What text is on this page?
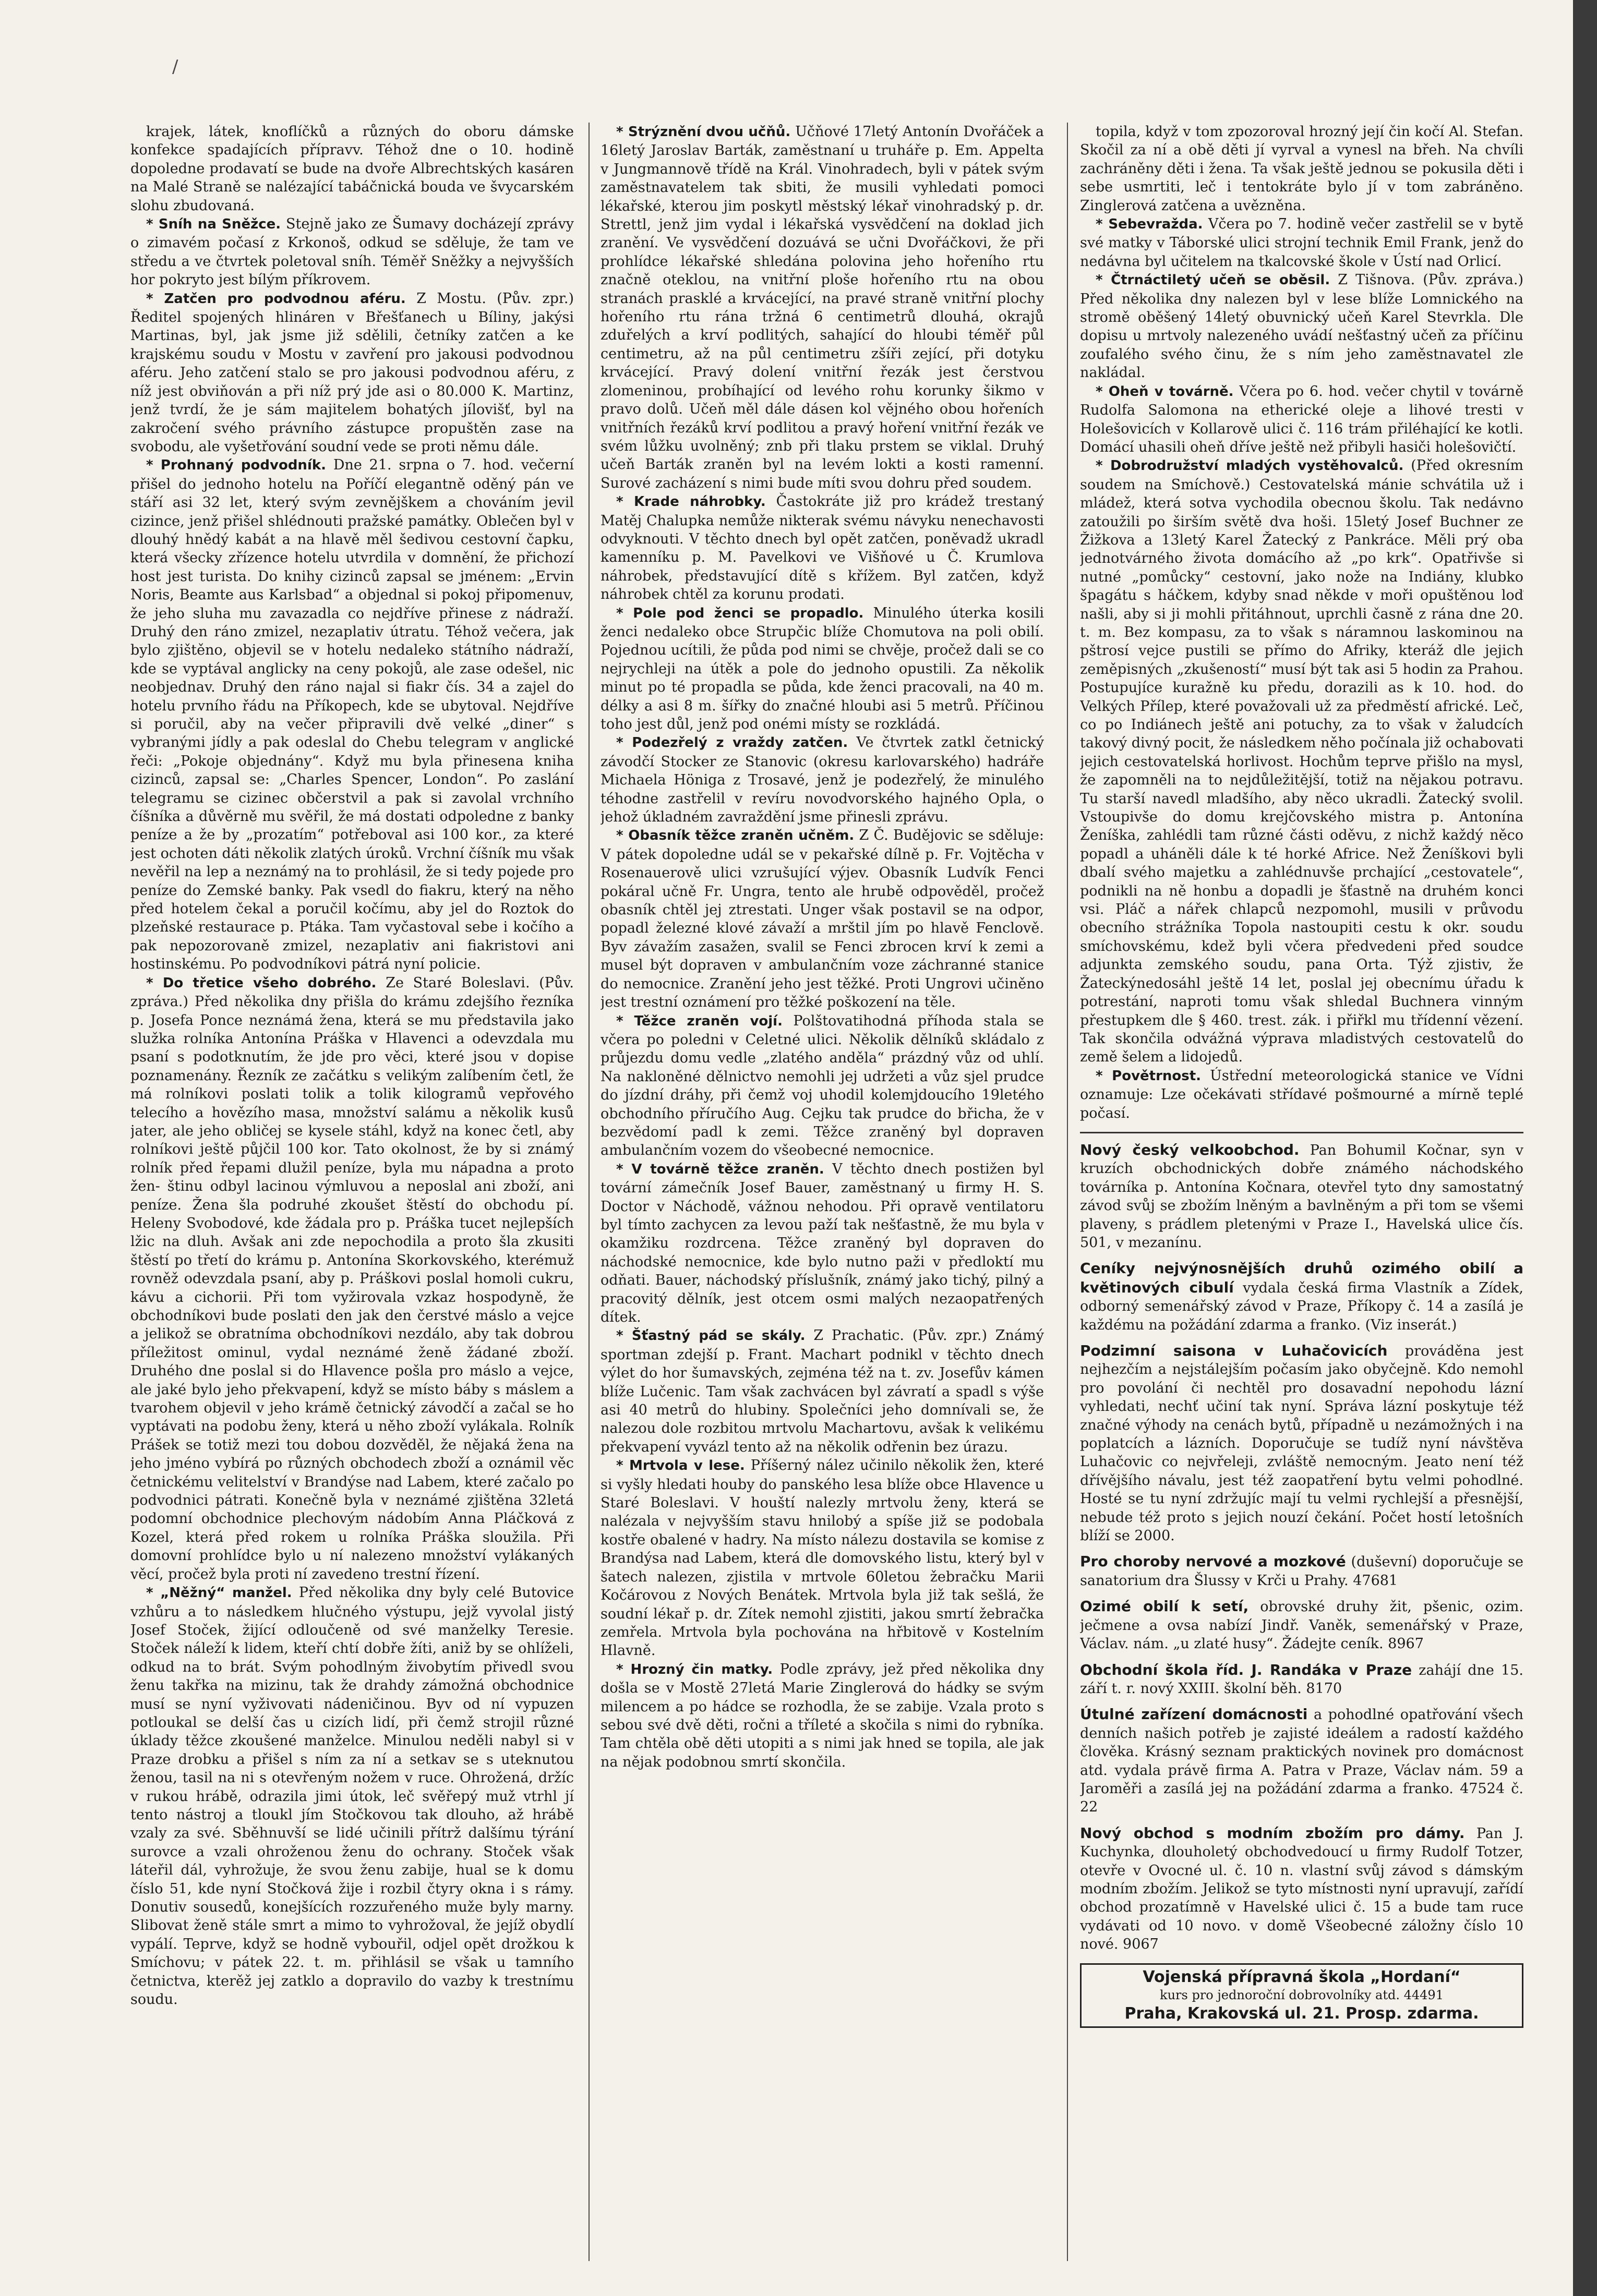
/

krajek, látek, knoflíčků a různých do oboru dámske konfekce spadajících přípravv. Téhož dne o 10. hodině dopoledne prodavatí se bude na dvoře Albrechtských kasáren na Malé Straně se nalézající tabáčnická bouda ve švycarském slohu zbudovaná.

* Sníh na Sněžce. Stejně jako ze Šumavy docházejí zprávy o zimavém počasí z Krkonoš, odkud se sděluje, že tam ve středu a ve čtvrtek poletoval sníh. Téměř Sněžky a nejvyšších hor pokryto jest bílým příkrovem.

* Zatčen pro podvodnou aféru. Z Mostu. (Pův. zpr.) Ředitel spojených hlináren v Břešťanech u Bíliny, jakýsi Martinas, byl, jak jsme již sdělili, četníky zatčen a ke krajskému soudu v Mostu v zavření pro jakousi podvodnou aféru. Jeho zatčení stalo se pro jakousi podvodnou aféru, z níž jest obviňován a při níž prý jde asi o 80.000 K. Martinz, jenž tvrdí, že je sám majitelem bohatých jílovišť, byl na zakročení svého právního zástupce propuštěn zase na svobodu, ale vyšetřování soudní vede se proti němu dále.

* Prohnaný podvodník. Dne 21. srpna o 7. hod. večerní přišel do jednoho hotelu na Poříčí elegantně oděný pán ve stáří asi 32 let, který svým zevnějškem a chováním jevil cizince, jenž přišel shlédnouti pražské památky. Oblečen byl v dlouhý hnědý kabát a na hlavě měl šedivou cestovní čapku, která všecky zřízence hotelu utvrdila v domnění, že přichozí host jest turista. Do knihy cizinců zapsal se jménem: „Ervin Noris, Beamte aus Karlsbad“ a objednal si pokoj připomenuv, že jeho sluha mu zavazadla co nejdříve přinese z nádraží. Druhý den ráno zmizel, nezaplativ útratu. Téhož večera, jak bylo zjištěno, objevil se v hotelu nedaleko státního nádraží, kde se vyptával anglicky na ceny pokojů, ale zase odešel, nic neobjednav. Druhý den ráno najal si fiakr čís. 34 a zajel do hotelu prvního řádu na Příkopech, kde se ubytoval. Nejdříve si poručil, aby na večer připravili dvě velké „diner“ s vybranými jídly a pak odeslal do Chebu telegram v anglické řeči: „Pokoje objednány“. Když mu byla přinesena kniha cizinců, zapsal se: „Charles Spencer, London“. Po zaslání telegramu se cizinec občerstvil a pak si zavolal vrchního číšníka a důvěrně mu svěřil, že má dostati odpoledne z banky peníze a že by „prozatím“ potřeboval asi 100 kor., za které jest ochoten dáti několik zlatých úroků. Vrchní číšník mu však nevěřil na lep a neznámý na to prohlásil, že si tedy pojede pro peníze do Zemské banky. Pak vsedl do fiakru, který na něho před hotelem čekal a poručil kočímu, aby jel do Roztok do plzeňské restaurace p. Ptáka. Tam vyčastoval sebe i kočího a pak nepozorovaně zmizel, nezaplativ ani fiakristovi ani hostinskému. Po podvodníkovi pátrá nyní policie.

* Do třetice všeho dobrého. Ze Staré Boleslavi. (Pův. zpráva.) Před několika dny přišla do krámu zdejšího řezníka p. Josefa Ponce neznámá žena, která se mu představila jako služka rolníka Antonína Práška v Hlavenci a odevzdala mu psaní s podotknutím, že jde pro věci, které jsou v dopise poznamenány. Řezník ze začátku s velikým zalíbením četl, že má rolníkovi poslati tolik a tolik kilogramů vepřového telecího a hovězího masa, množství salámu a několik kusů jater, ale jeho obličej se kysele stáhl, když na konec četl, aby rolníkovi ještě půjčil 100 kor. Tato okolnost, že by si známý rolník před řepami dlužil peníze, byla mu nápadna a proto žen- štinu odbyl lacinou výmluvou a neposlal ani zboží, ani peníze. Žena šla podruhé zkoušet štěstí do obchodu pí. Heleny Svobodové, kde žádala pro p. Práška tucet nejlepších lžic na dluh. Avšak ani zde nepochodila a proto šla zkusiti štěstí po třetí do krámu p. Antonína Skorkovského, kterémuž rovněž odevzdala psaní, aby p. Práškovi poslal homoli cukru, kávu a cichorii. Při tom vyžirovala vzkaz hospodyně, že obchodníkovi bude poslati den jak den čerstvé máslo a vejce a jelikož se obratníma obchodníkovi nezdálo, aby tak dobrou příležitost ominul, vydal neznámé ženě žádané zboží. Druhého dne poslal si do Hlavence pošla pro máslo a vejce, ale jaké bylo jeho překvapení, když se místo báby s máslem a tvarohem objevil v jeho krámě četnický závodčí a začal se ho vyptávati na podobu ženy, která u něho zboží vylákala. Rolník Prášek se totiž mezi tou dobou dozvěděl, že nějaká žena na jeho jméno vybírá po různých obchodech zboží a oznámil věc četnickému velitelství v Brandýse nad Labem, které začalo po podvodnici pátrati. Konečně byla v neznámé zjištěna 32letá podomní obchodnice plechovým nádobím Anna Pláčková z Kozel, která před rokem u rolníka Práška sloužila. Při domovní prohlídce bylo u ní nalezeno množství vylákaných věcí, pročež byla proti ní zavedeno trestní řízení.

* „Něžný“ manžel. Před několika dny byly celé Butovice vzhůru a to následkem hlučného výstupu, jejž vyvolal jistý Josef Stoček, žijící odloučeně od své manželky Teresie. Stoček náleží k lidem, kteří chtí dobře žíti, aniž by se ohlíželi, odkud na to brát. Svým pohodlným živobytím přivedl svou ženu takřka na mizinu, tak že drahdy zámožná obchodnice musí se nyní vyživovati nádeničinou. Byv od ní vypuzen potloukal se delší čas u cizích lidí, při čemž strojil různé úklady těžce zkoušené manželce. Minulou neděli nabyl si v Praze drobku a přišel s ním za ní a setkav se s uteknutou ženou, tasil na ni s otevřeným nožem v ruce. Ohrožená, držíc v rukou hrábě, odrazila jimi útok, leč svěřepý muž vtrhl jí tento nástroj a tloukl jím Stočkovou tak dlouho, až hrábě vzaly za své. Sběhnuvší se lidé učinili přítrž dalšímu týrání surovce a vzali ohroženou ženu do ochrany. Stoček však láteřil dál, vyhrožuje, že svou ženu zabije, hual se k domu číslo 51, kde nyní Stočková žije i rozbil čtyry okna i s rámy. Donutiv sousedů, konejšících rozzuřeného muže byly marny. Slibovat ženě stále smrt a mimo to vyhrožoval, že jejíž obydlí vypálí. Teprve, když se hodně vybouřil, odjel opět drožkou k Smíchovu; v pátek 22. t. m. přihlásil se však u tamního četnictva, kterěž jej zatklo a dopravilo do vazby k trestnímu soudu.

* Strýznění dvou učňů. Učňové 17letý Antonín Dvořáček a 16letý Jaroslav Barták, zaměstnaní u truháře p. Em. Appelta v Jungmannově třídě na Král. Vinohradech, byli v pátek svým zaměstnavatelem tak sbiti, že musili vyhledati pomoci lékařské, kterou jim poskytl městský lékař vinohradský p. dr. Strettl, jenž jim vydal i lékařská vysvědčení na doklad jich zranění. Ve vysvědčení dozuává se učni Dvořáčkovi, že při prohlídce lékařské shledána polovina jeho hořeního rtu značně oteklou, na vnitřní ploše hořeního rtu na obou stranách prasklé a krvácející, na pravé straně vnitřní plochy hořeního rtu rána tržná 6 centimetrů dlouhá, okrajů zduřelých a krví podlitých, sahající do hloubi téměř půl centimetru, až na půl centimetru zšíři zející, při dotyku krvácející. Pravý dolení vnitřní řezák jest čerstvou zlomeninou, probíhající od levého rohu korunky šikmo v pravo dolů. Učeň měl dále dásen kol vějného obou hořeních vnitřních řezáků krví podlitou a pravý hoření vnitřní řezák ve svém lůžku uvolněný; znb při tlaku prstem se viklal. Druhý učeň Barták zraněn byl na levém lokti a kosti ramenní. Surové zacházení s nimi bude míti svou dohru před soudem.

* Krade náhrobky. Častokráte již pro krádež trestaný Matěj Chalupka nemůže nikterak svému návyku nenechavosti odvyknouti. V těchto dnech byl opět zatčen, poněvadž ukradl kamenníku p. M. Pavelkovi ve Višňové u Č. Krumlova náhrobek, představující dítě s křížem. Byl zatčen, když náhrobek chtěl za korunu prodati.

* Pole pod ženci se propadlo. Minulého úterka kosili ženci nedaleko obce Strupčic blíže Chomutova na poli obilí. Pojednou ucítili, že půda pod nimi se chvěje, pročež dali se co nejrychleji na útěk a pole do jednoho opustili. Za několik minut po té propadla se půda, kde ženci pracovali, na 40 m. délky a asi 8 m. šířky do značné hloubi asi 5 metrů. Příčinou toho jest důl, jenž pod onémi místy se rozkládá.

* Podezřelý z vraždy zatčen. Ve čtvrtek zatkl četnický závodčí Stocker ze Stanovic (okresu karlovarského) hadráře Michaela Höniga z Trosavé, jenž je podezřelý, že minulého téhodne zastřelil v revíru novodvorského hajného Opla, o jehož úkladném zavraždění jsme přinesli zprávu.

* Obasník těžce zraněn učněm. Z Č. Budějovic se sděluje: V pátek dopoledne udál se v pekařské dílně p. Fr. Vojtěcha v Rosenauerově ulici vzrušující výjev. Obasník Ludvík Fenci pokáral učně Fr. Ungra, tento ale hrubě odpověděl, pročež obasník chtěl jej ztrestati. Unger však postavil se na odpor, popadl železné klové závaží a mrštil jím po hlavě Fenclově. Byv závažím zasažen, svalil se Fenci zbrocen krví k zemi a musel být dopraven v ambulančním voze záchranné stanice do nemocnice. Zranění jeho jest těžké. Proti Ungrovi učiněno jest trestní oznámení pro těžké poškození na těle.

* Těžce zraněn vojí. Polštovatihodná příhoda stala se včera po poledni v Celetné ulici. Několik dělníků skládalo z průjezdu domu vedle „zlatého anděla“ prázdný vůz od uhlí. Na nakloněné dělnictvo nemohli jej udržeti a vůz sjel prudce do jízdní dráhy, při čemž voj uhodil kolemjdoucího 19letého obchodního příručího Aug. Cejku tak prudce do břicha, že v bezvědomí padl k zemi. Těžce zraněný byl dopraven ambulančním vozem do všeobecné nemocnice.

* V továrně těžce zraněn. V těchto dnech postižen byl tovární zámečník Josef Bauer, zaměstnaný u firmy H. S. Doctor v Náchodě, vážnou nehodou. Při opravě ventilatoru byl tímto zachycen za levou paží tak nešťastně, že mu byla v okamžiku rozdrcena. Těžce zraněný byl dopraven do náchodské nemocnice, kde bylo nutno paži v předloktí mu odňati. Bauer, náchodský příslušník, známý jako tichý, pilný a pracovitý dělník, jest otcem osmi malých nezaopatřených dítek.

* Šťastný pád se skály. Z Prachatic. (Pův. zpr.) Známý sportman zdejší p. Frant. Machart podnikl v těchto dnech výlet do hor šumavských, zejména též na t. zv. Josefův kámen blíže Lučenic. Tam však zachvácen byl závratí a spadl s výše asi 40 metrů do hlubiny. Společníci jeho domnívali se, že nalezou dole rozbitou mrtvolu Machartovu, avšak k velikému překvapení vyvázl tento až na několik odřenin bez úrazu.

* Mrtvola v lese. Příšerný nález učinilo několik žen, které si vyšly hledati houby do panského lesa blíže obce Hlavence u Staré Boleslavi. V houští nalezly mrtvolu ženy, která se nalézala v nejvyšším stavu hnilobý a spíše již se podobala kostře obalené v hadry. Na místo nálezu dostavila se komise z Brandýsa nad Labem, která dle domovského listu, který byl v šatech nalezen, zjistila v mrtvole 60letou žebračku Marii Kočárovou z Nových Benátek. Mrtvola byla již tak sešlá, že soudní lékař p. dr. Zítek nemohl zjistiti, jakou smrtí žebračka zemřela. Mrtvola byla pochována na hřbitově v Kostelním Hlavně.

* Hrozný čin matky. Podle zprávy, jež před několika dny došla se v Mostě 27letá Marie Zinglerová do hádky se svým milencem a po hádce se rozhodla, že se zabije. Vzala proto s sebou své dvě děti, ročni a tříleté a skočila s nimi do rybníka. Tam chtěla obě děti utopiti a s nimi jak hned se topila, ale jak na nějak podobnou smrtí skončila.

topila, když v tom zpozoroval hrozný její čin kočí Al. Stefan. Skočil za ní a obě děti jí vyrval a vynesl na břeh. Na chvíli zachráněny děti i žena. Ta však ještě jednou se pokusila děti i sebe usmrtiti, leč i tentokráte bylo jí v tom zabráněno. Zinglerová zatčena a uvězněna.

* Sebevražda. Včera po 7. hodině večer zastřelil se v bytě své matky v Táborské ulici strojní technik Emil Frank, jenž do nedávna byl učitelem na tkalcovské škole v Ústí nad Orlicí.

* Čtrnáctiletý učeň se oběsil. Z Tišnova. (Pův. zpráva.) Před několika dny nalezen byl v lese blíže Lomnického na stromě oběšený 14letý obuvnický učeň Karel Stevrkla. Dle dopisu u mrtvoly nalezeného uvádí nešťastný učeň za příčinu zoufalého svého činu, že s ním jeho zaměstnavatel zle nakládal.

* Oheň v továrně. Včera po 6. hod. večer chytil v továrně Rudolfa Salomona na etherické oleje a lihové tresti v Holešovicích v Kollarově ulici č. 116 trám přiléhající ke kotli. Domácí uhasili oheň dříve ještě než přibyli hasiči holešovičtí.

* Dobrodružství mladých vystěhovalců. (Před okresním soudem na Smíchově.) Cestovatelská mánie schvátila už i mládež, která sotva vychodila obecnou školu. Tak nedávno zatoužili po širším světě dva hoši. 15letý Josef Buchner ze Žižkova a 13letý Karel Žatecký z Pankráce. Měli prý oba jednotvárného života domácího až „po krk“. Opatřivše si nutné „pomůcky“ cestovní, jako nože na Indiány, klubko špagátu s háčkem, kdyby snad někde v moři opuštěnou loď našli, aby si ji mohli přitáhnout, uprchli časně z rána dne 20. t. m. Bez kompasu, za to však s náramnou laskominou na pštrosí vejce pustili se přímo do Afriky, kteráž dle jejich zeměpisných „zkušeností“ musí být tak asi 5 hodin za Prahou. Postupujíce kuražně ku předu, dorazili as k 10. hod. do Velkých Přílep, které považovali už za předměstí africké. Leč, co po Indiánech ještě ani potuchy, za to však v žaludcích takový divný pocit, že následkem něho počínala již ochabovati jejich cestovatelská horlivost. Hochům teprve přišlo na mysl, že zapomněli na to nejdůležitější, totiž na nějakou potravu. Tu starší navedl mladšího, aby něco ukradli. Žatecký svolil. Vstoupivše do domu krejčovského mistra p. Antonína Ženíška, zahlédli tam různé části oděvu, z nichž každý něco popadl a uháněli dále k té horké Africe. Než Ženíškovi byli dbalí svého majetku a zahlédnuvše prchající „cestovatele“, podnikli na ně honbu a dopadli je šťastně na druhém konci vsi. Pláč a nářek chlapců nezpomohl, musili v průvodu obecního strážníka Topola nastoupiti cestu k okr. soudu smíchovskému, kdež byli včera předvedeni před soudce adjunkta zemského soudu, pana Orta. Týž zjistiv, že Žateckýnedosáhl ještě 14 let, poslal jej obecnímu úřadu k potrestání, naproti tomu však shledal Buchnera vinným přestupkem dle § 460. trest. zák. i přiřkl mu třídenní vězení. Tak skončila odvážná výprava mladistvých cestovatelů do země šelem a lidojedů.

* Povětrnost. Ústřední meteorologická stanice ve Vídni oznamuje: Lze očekávati střídavé pošmourné a mírně teplé počasí.

Nový český velkoobchod. Pan Bohumil Kočnar, syn v kruzích obchodnických dobře známého náchodského továrníka p. Antonína Kočnara, otevřel tyto dny samostatný závod svůj se zbožím lněným a bavlněným a při tom se všemi plaveny, s prádlem pletenými v Praze I., Havelská ulice čís. 501, v mezanínu.

Ceníky nejvýnosnějších druhů ozimého obilí a květinových cibulí vydala česká firma Vlastník a Zídek, odborný semenářský závod v Praze, Příkopy č. 14 a zasílá je každému na požádání zdarma a franko. (Viz inserát.)

Podzimní saisona v Luhačovicích prováděna jest nejhezčím a nejstálejším počasím jako obyčejně. Kdo nemohl pro povolání či nechtěl pro dosavadní nepohodu lázní vyhledati, nechť učiní tak nyní. Správa lázní poskytuje též značné výhody na cenách bytů, případně u nezámožných i na poplatcích a lázních. Doporučuje se tudíž nyní návštěva Luhačovic co nejvřeleji, zvláště nemocným. Jeato není též dřívějšího návalu, jest též zaopatření bytu velmi pohodlné. Hosté se tu nyní zdržujíc mají tu velmi rychlejší a přesnější, nebude též proto s jejich nouzí čekání. Počet hostí letošních blíží se 2000.

Pro choroby nervové a mozkové (duševní) doporučuje se sanatorium dra Šlussy v Krči u Prahy. 47681

Ozimé obilí k setí, obrovské druhy žit, pšenic, ozim. ječmene a ovsa nabízí Jindř. Vaněk, semenářský v Praze, Václav. nám. „u zlaté husy“. Žádejte ceník. 8967

Obchodní škola říd. J. Randáka v Praze zahájí dne 15. září t. r. nový XXIII. školní běh. 8170

Útulné zařízení domácnosti a pohodlné opatřování všech denních našich potřeb je zajisté ideálem a radostí každého člověka. Krásný seznam praktických novinek pro domácnost atd. vydala právě firma A. Patra v Praze, Václav nám. 59 a Jaroměři a zasílá jej na požádání zdarma a franko. 47524 č. 22

Nový obchod s modním zbožím pro dámy. Pan J. Kuchynka, dlouholetý obchodvedoucí u firmy Rudolf Totzer, otevře v Ovocné ul. č. 10 n. vlastní svůj závod s dámským modním zbožím. Jelikož se tyto místnosti nyní upravují, zařídí obchod prozatímně v Havelské ulici č. 15 a bude tam ruce vydávati od 10 novo. v domě Všeobecné záložny číslo 10 nové. 9067

Vojenská přípravná škola „Hordaní“
kurs pro jednoroční dobrovolníky atd. 44491
Praha, Krakovská ul. 21. Prosp. zdarma.
